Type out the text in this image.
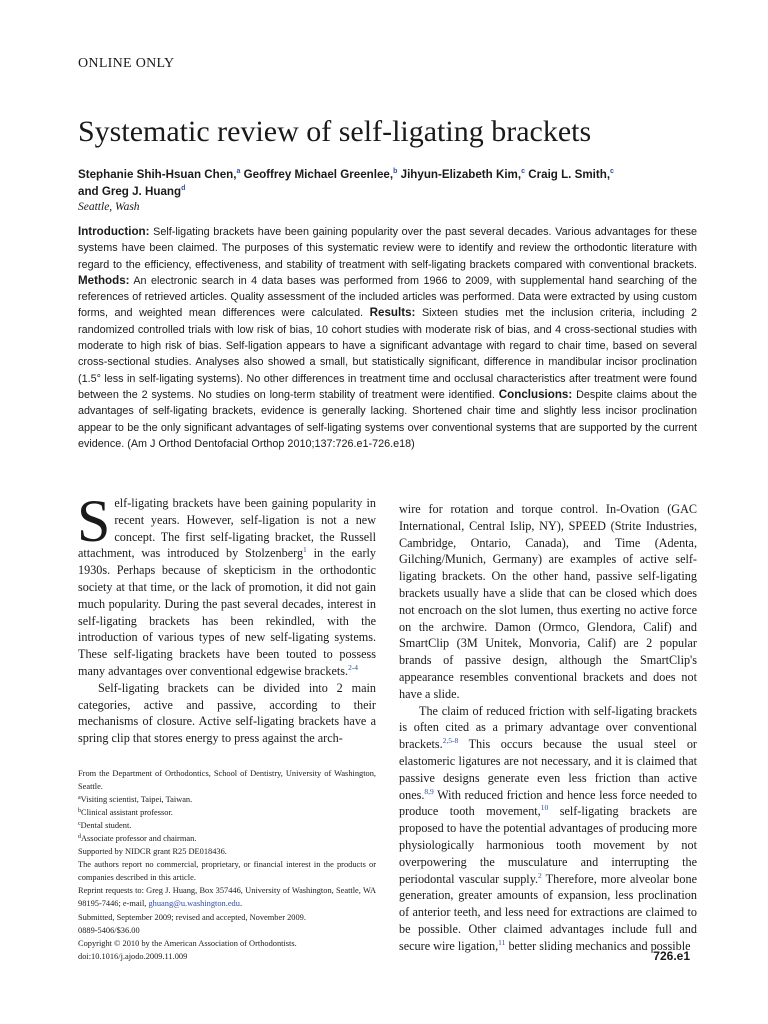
ONLINE ONLY
Systematic review of self-ligating brackets
Stephanie Shih-Hsuan Chen,$^a$ Geoffrey Michael Greenlee,$^b$ Jihyun-Elizabeth Kim,$^c$ Craig L. Smith,$^c$
and Greg J. Huang$^d$
Seattle, Wash

Introduction: Self-ligating brackets have been gaining popularity over the past several decades. Various advantages for these systems have been claimed. The purposes of this systematic review were to identify and review the orthodontic literature with regard to the efficiency, effectiveness, and stability of treatment with self-ligating brackets compared with conventional brackets. Methods: An electronic search in 4 data bases was performed from 1966 to 2009, with supplemental hand searching of the references of retrieved articles. Quality assessment of the included articles was performed. Data were extracted by using custom forms, and weighted mean differences were calculated. Results: Sixteen studies met the inclusion criteria, including 2 randomized controlled trials with low risk of bias, 10 cohort studies with moderate risk of bias, and 4 cross-sectional studies with moderate to high risk of bias. Self-ligation appears to have a significant advantage with regard to chair time, based on several cross-sectional studies. Analyses also showed a small, but statistically significant, difference in mandibular incisor proclination (1.5° less in self-ligating systems). No other differences in treatment time and occlusal characteristics after treatment were found between the 2 systems. No studies on long-term stability of treatment were identified. Conclusions: Despite claims about the advantages of self-ligating brackets, evidence is generally lacking. Shortened chair time and slightly less incisor proclination appear to be the only significant advantages of self-ligating systems over conventional systems that are supported by the current evidence. (Am J Orthod Dentofacial Orthop 2010;137:726.e1-726.e18)

Self-ligating brackets have been gaining popularity in recent years. However, self-ligation is not a new concept. The first self-ligating bracket, the Russell attachment, was introduced by Stolzenberg$^1$ in the early 1930s. Perhaps because of skepticism in the orthodontic society at that time, or the lack of promotion, it did not gain much popularity. During the past several decades, interest in self-ligating brackets has been rekindled, with the introduction of various types of new self-ligating systems. These self-ligating brackets have been touted to possess many advantages over conventional edgewise brackets.$^{2-4}$

Self-ligating brackets can be divided into 2 main categories, active and passive, according to their mechanisms of closure. Active self-ligating brackets have a spring clip that stores energy to press against the arch-

From the Department of Orthodontics, School of Dentistry, University of Washington, Seattle.
$^a$Visiting scientist, Taipei, Taiwan.
$^b$Clinical assistant professor.
$^c$Dental student.
$^d$Associate professor and chairman.
Supported by NIDCR grant R25 DE018436.
The authors report no commercial, proprietary, or financial interest in the products or companies described in this article.
Reprint requests to: Greg J. Huang, Box 357446, University of Washington, Seattle, WA 98195-7446; e-mail, ghuang@u.washington.edu.
Submitted, September 2009; revised and accepted, November 2009.
0889-5406/$36.00
Copyright © 2010 by the American Association of Orthodontists.
doi:10.1016/j.ajodo.2009.11.009

wire for rotation and torque control. In-Ovation (GAC International, Central Islip, NY), SPEED (Strite Industries, Cambridge, Ontario, Canada), and Time (Adenta, Gilching/Munich, Germany) are examples of active self-ligating brackets. On the other hand, passive self-ligating brackets usually have a slide that can be closed which does not encroach on the slot lumen, thus exerting no active force on the archwire. Damon (Ormco, Glendora, Calif) and SmartClip (3M Unitek, Monvoria, Calif) are 2 popular brands of passive design, although the SmartClip's appearance resembles conventional brackets and does not have a slide.

The claim of reduced friction with self-ligating brackets is often cited as a primary advantage over conventional brackets.$^{2,5-8}$ This occurs because the usual steel or elastomeric ligatures are not necessary, and it is claimed that passive designs generate even less friction than active ones.$^{8,9}$ With reduced friction and hence less force needed to produce tooth movement,$^{10}$ self-ligating brackets are proposed to have the potential advantages of producing more physiologically harmonious tooth movement by not overpowering the musculature and interrupting the periodontal vascular supply.$^2$ Therefore, more alveolar bone generation, greater amounts of expansion, less proclination of anterior teeth, and less need for extractions are claimed to be possible. Other claimed advantages include full and secure wire ligation,$^{11}$ better sliding mechanics and possible

726.e1
